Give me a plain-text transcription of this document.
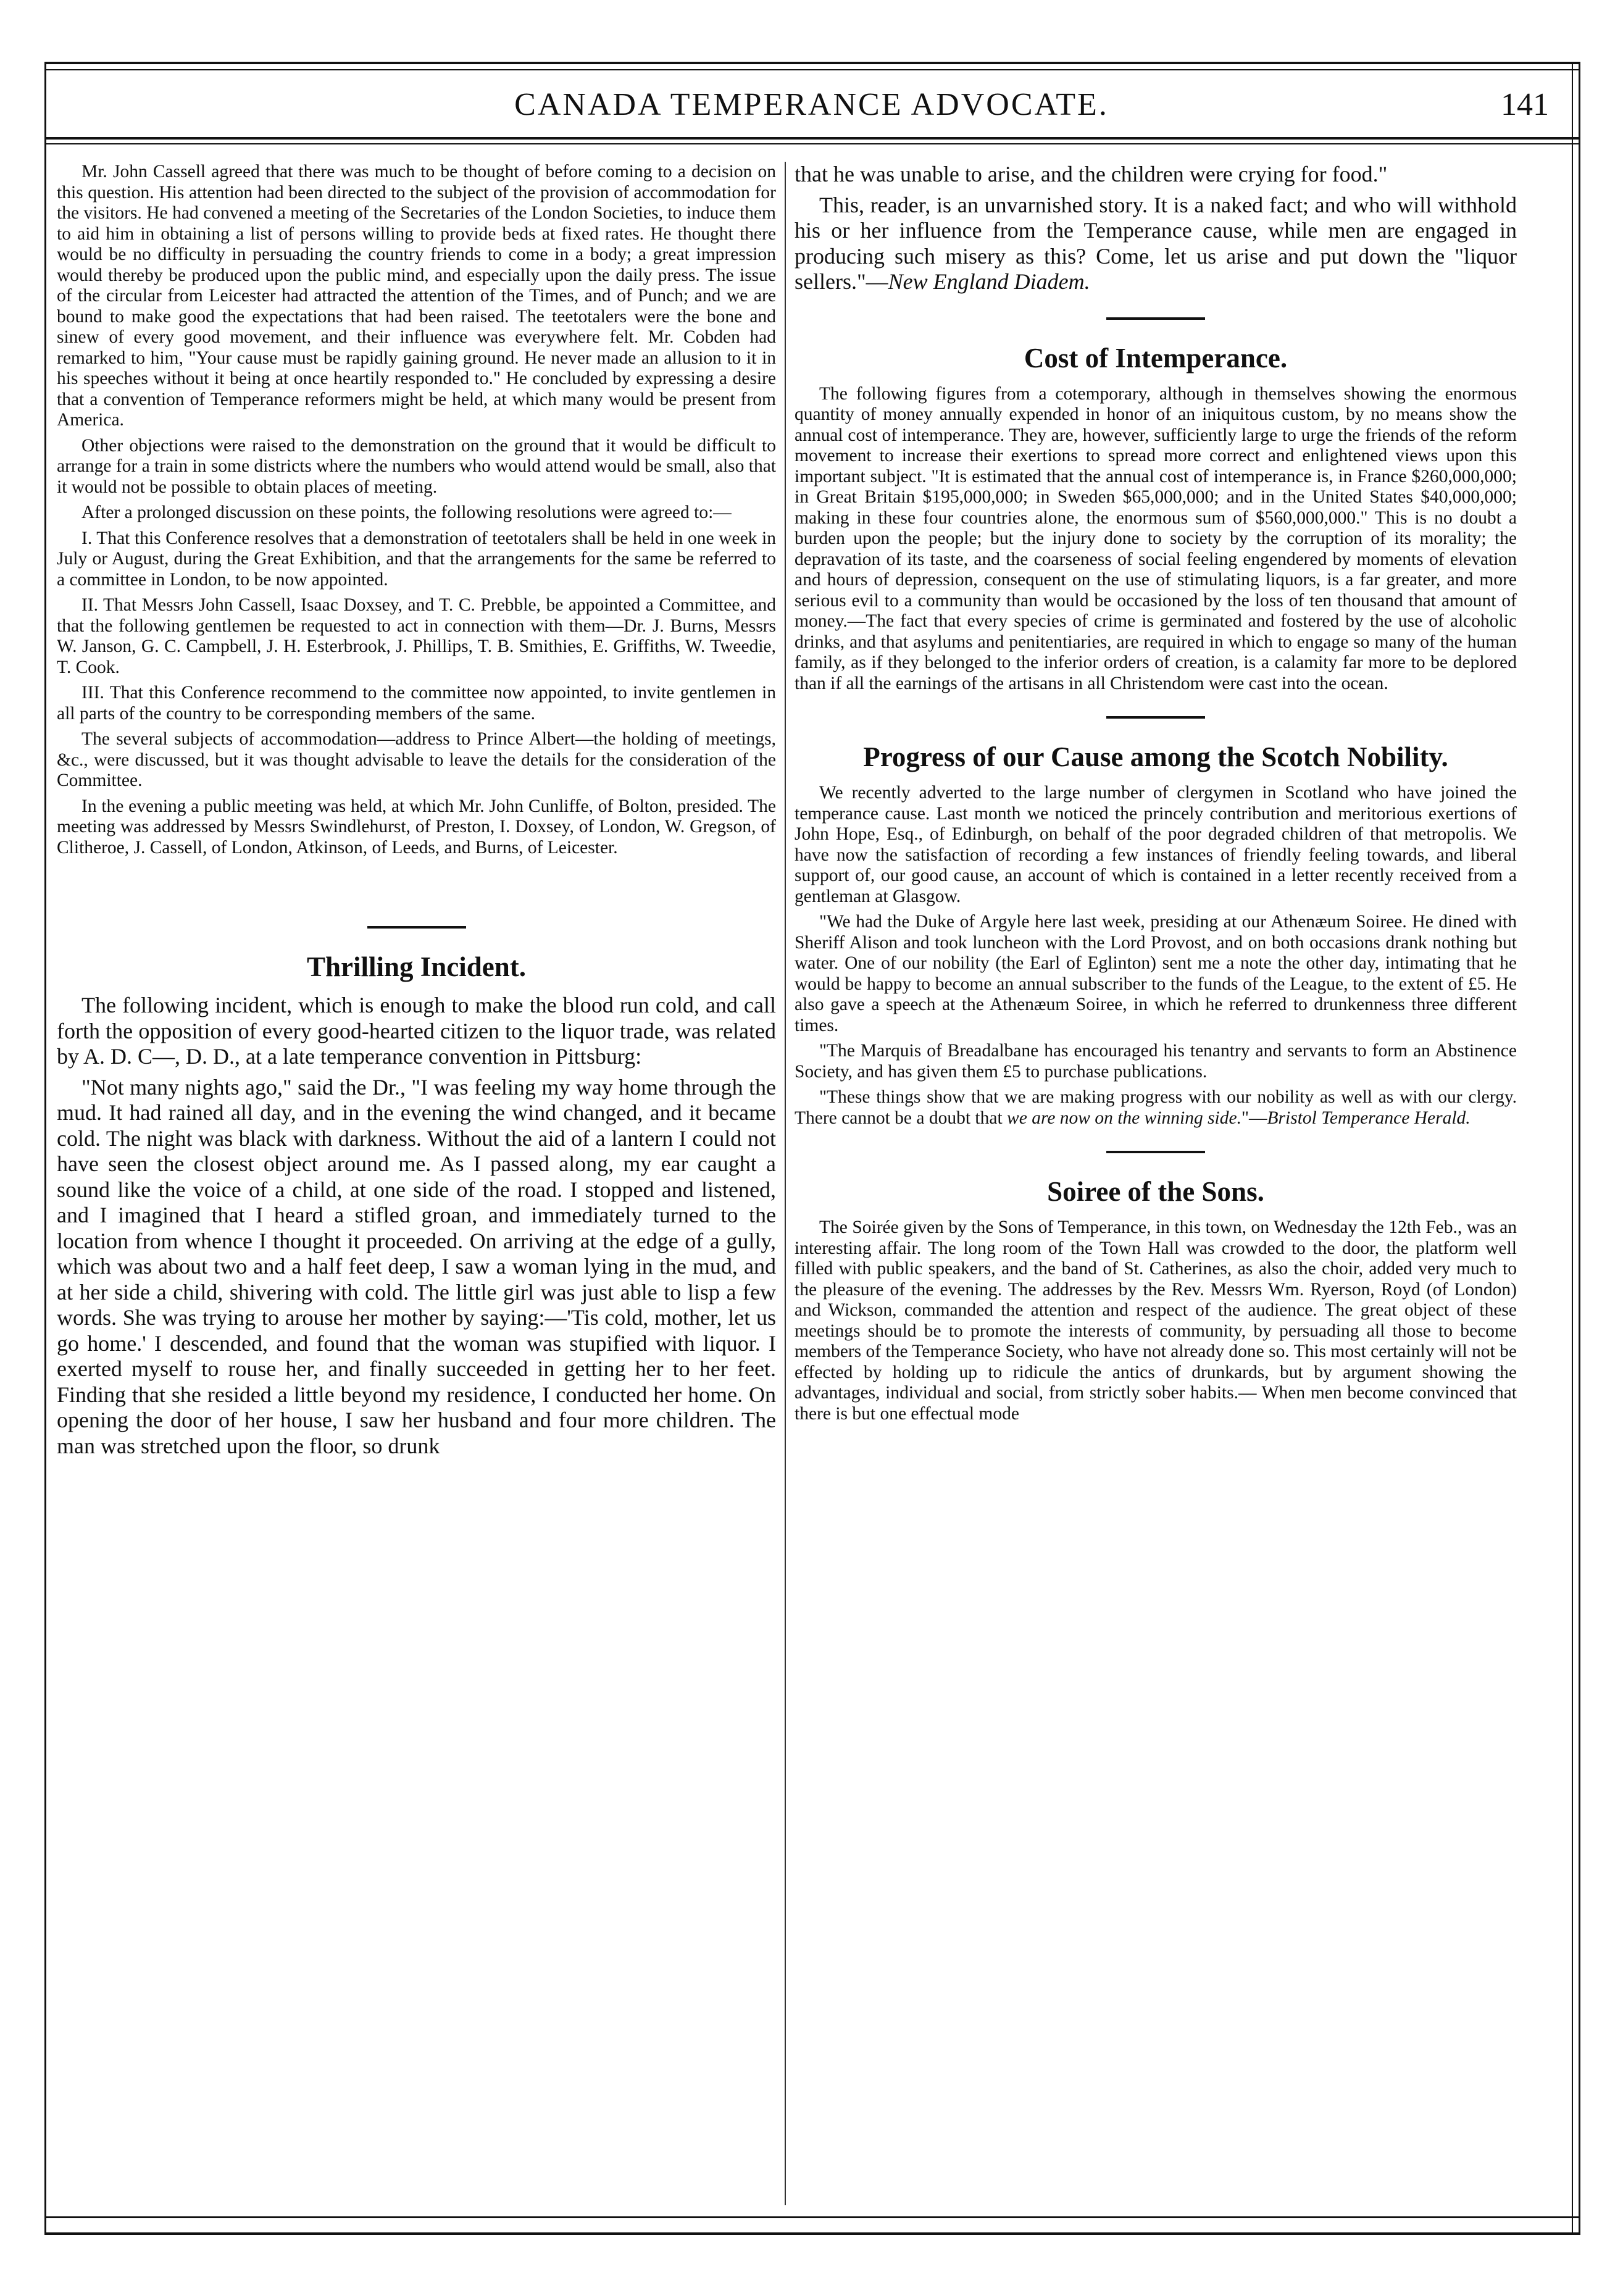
CANADA TEMPERANCE ADVOCATE.	141

Mr. John Cassell agreed that there was much to be thought of before coming to a decision on this question. His attention had been directed to the subject of the provision of accommodation for the visitors. He had convened a meeting of the Secretaries of the London Societies, to induce them to aid him in obtaining a list of persons willing to provide beds at fixed rates. He thought there would be no difficulty in persuading the country friends to come in a body; a great impression would thereby be produced upon the public mind, and especially upon the daily press. The issue of the circular from Leicester had attracted the attention of the Times, and of Punch; and we are bound to make good the expectations that had been raised. The teetotalers were the bone and sinew of every good movement, and their influence was everywhere felt. Mr. Cobden had remarked to him, "Your cause must be rapidly gaining ground. He never made an allusion to it in his speeches without it being at once heartily responded to." He concluded by expressing a desire that a convention of Temperance reformers might be held, at which many would be present from America.

Other objections were raised to the demonstration on the ground that it would be difficult to arrange for a train in some districts where the numbers who would attend would be small, also that it would not be possible to obtain places of meeting.

After a prolonged discussion on these points, the following resolutions were agreed to:—

I. That this Conference resolves that a demonstration of teetotalers shall be held in one week in July or August, during the Great Exhibition, and that the arrangements for the same be referred to a committee in London, to be now appointed.

II. That Messrs John Cassell, Isaac Doxsey, and T. C. Prebble, be appointed a Committee, and that the following gentlemen be requested to act in connection with them—Dr. J. Burns, Messrs W. Janson, G. C. Campbell, J. H. Esterbrook, J. Phillips, T. B. Smithies, E. Griffiths, W. Tweedie, T. Cook.

III. That this Conference recommend to the committee now appointed, to invite gentlemen in all parts of the country to be corresponding members of the same.

The several subjects of accommodation—address to Prince Albert—the holding of meetings, &c., were discussed, but it was thought advisable to leave the details for the consideration of the Committee.

In the evening a public meeting was held, at which Mr. John Cunliffe, of Bolton, presided. The meeting was addressed by Messrs Swindlehurst, of Preston, I. Doxsey, of London, W. Gregson, of Clitheroe, J. Cassell, of London, Atkinson, of Leeds, and Burns, of Leicester.

Thrilling Incident.

The following incident, which is enough to make the blood run cold, and call forth the opposition of every good-hearted citizen to the liquor trade, was related by A. D. C—, D. D., at a late temperance convention in Pittsburg:

"Not many nights ago," said the Dr., "I was feeling my way home through the mud. It had rained all day, and in the evening the wind changed, and it became cold. The night was black with darkness. Without the aid of a lantern I could not have seen the closest object around me. As I passed along, my ear caught a sound like the voice of a child, at one side of the road. I stopped and listened, and I imagined that I heard a stifled groan, and immediately turned to the location from whence I thought it proceeded. On arriving at the edge of a gully, which was about two and a half feet deep, I saw a woman lying in the mud, and at her side a child, shivering with cold. The little girl was just able to lisp a few words. She was trying to arouse her mother by saying:—'Tis cold, mother, let us go home.' I descended, and found that the woman was stupified with liquor. I exerted myself to rouse her, and finally succeeded in getting her to her feet. Finding that she resided a little beyond my residence, I conducted her home. On opening the door of her house, I saw her husband and four more children. The man was stretched upon the floor, so drunk

that he was unable to arise, and the children were crying for food."

This, reader, is an unvarnished story. It is a naked fact; and who will withhold his or her influence from the Temperance cause, while men are engaged in producing such misery as this? Come, let us arise and put down the "liquor sellers."—New England Diadem.

Cost of Intemperance.

The following figures from a cotemporary, although in themselves showing the enormous quantity of money annually expended in honor of an iniquitous custom, by no means show the annual cost of intemperance. They are, however, sufficiently large to urge the friends of the reform movement to increase their exertions to spread more correct and enlightened views upon this important subject. "It is estimated that the annual cost of intemperance is, in France $260,000,000; in Great Britain $195,000,000; in Sweden $65,000,000; and in the United States $40,000,000; making in these four countries alone, the enormous sum of $560,000,000." This is no doubt a burden upon the people; but the injury done to society by the corruption of its morality; the depravation of its taste, and the coarseness of social feeling engendered by moments of elevation and hours of depression, consequent on the use of stimulating liquors, is a far greater, and more serious evil to a community than would be occasioned by the loss of ten thousand that amount of money.—The fact that every species of crime is germinated and fostered by the use of alcoholic drinks, and that asylums and penitentiaries, are required in which to engage so many of the human family, as if they belonged to the inferior orders of creation, is a calamity far more to be deplored than if all the earnings of the artisans in all Christendom were cast into the ocean.

Progress of our Cause among the Scotch Nobility.

We recently adverted to the large number of clergymen in Scotland who have joined the temperance cause. Last month we noticed the princely contribution and meritorious exertions of John Hope, Esq., of Edinburgh, on behalf of the poor degraded children of that metropolis. We have now the satisfaction of recording a few instances of friendly feeling towards, and liberal support of, our good cause, an account of which is contained in a letter recently received from a gentleman at Glasgow.

"We had the Duke of Argyle here last week, presiding at our Athenæum Soiree. He dined with Sheriff Alison and took luncheon with the Lord Provost, and on both occasions drank nothing but water. One of our nobility (the Earl of Eglinton) sent me a note the other day, intimating that he would be happy to become an annual subscriber to the funds of the League, to the extent of £5. He also gave a speech at the Athenæum Soiree, in which he referred to drunkenness three different times.

"The Marquis of Breadalbane has encouraged his tenantry and servants to form an Abstinence Society, and has given them £5 to purchase publications.

"These things show that we are making progress with our nobility as well as with our clergy. There cannot be a doubt that we are now on the winning side."—Bristol Temperance Herald.

Soiree of the Sons.

The Soirée given by the Sons of Temperance, in this town, on Wednesday the 12th Feb., was an interesting affair. The long room of the Town Hall was crowded to the door, the platform well filled with public speakers, and the band of St. Catherines, as also the choir, added very much to the pleasure of the evening. The addresses by the Rev. Messrs Wm. Ryerson, Royd (of London) and Wickson, commanded the attention and respect of the audience. The great object of these meetings should be to promote the interests of community, by persuading all those to become members of the Temperance Society, who have not already done so. This most certainly will not be effected by holding up to ridicule the antics of drunkards, but by argument showing the advantages, individual and social, from strictly sober habits.— When men become convinced that there is but one effectual mode
